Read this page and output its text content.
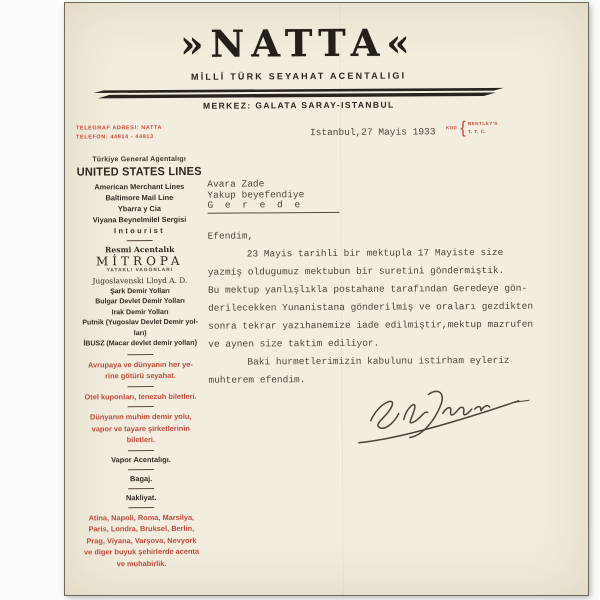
»NATTA«
MİLLİ TÜRK SEYAHAT ACENTALIGI
MERKEZ: GALATA SARAY-ISTANBUL
TELEGRAF ADRESI: NATTA
TELEFON: 44814 - 44813	Istanbul,27 Mayis 1933 KOD { BENTLEY'S
T. T. C.
Türkiye General Agentalıgı
UNITED STATES LINES
American Merchant Lines
Baltimore Mail Line
Ybarra y Cia
Viyana Beynelmilel Sergisi
Intourist
Resmi Acentalık
MİTROPA
YATAKLI VAGONLARI
Jugoslavenski Lloyd A. D.
Şark Demir Yolları
Bulgar Devlet Demir Yolları
Irak Demir Yolları
Putnik (Yugoslav Devlet Demir yol-
ları)
İBUSZ (Macar devlet demir yolları)
Avrupaya ve dünyanın her ye-
rine götürü seyahat.
Otel kuponları, tenezuh biletleri.
Dünyanın muhim demir yolu,
vapor ve tayare şirketlerinin
biletleri.
Vapor Acentalıgı.
Bagaj.
Nakliyat.
Atina, Napoli, Roma, Marsilya,
Paris, Londra, Bruksel, Berlin,
Prag, Viyana, Varşova, Nevyork
ve diger buyuk şehirlerde acenta
ve muhabirlik.
Avara Zade
Yakup beyefendiye
G e r e d e
Efendim,
23 Mayis tarihli bir mektupla 17 Mayiste size
yazmiş oldugumuz mektubun bir suretini göndermiştik.
Bu mektup yanlışlıkla postahane tarafından Geredeye gön-
derilecekken Yunanistana gönderilmiş ve oraları gezdikten
sonra tekrar yazıhanemize iade edilmiştir,mektup mazrufen
ve aynen size taktim ediliyor.
Baki hurmetlerimizin kabulunu istirham eyleriz
muhterem efendim.
